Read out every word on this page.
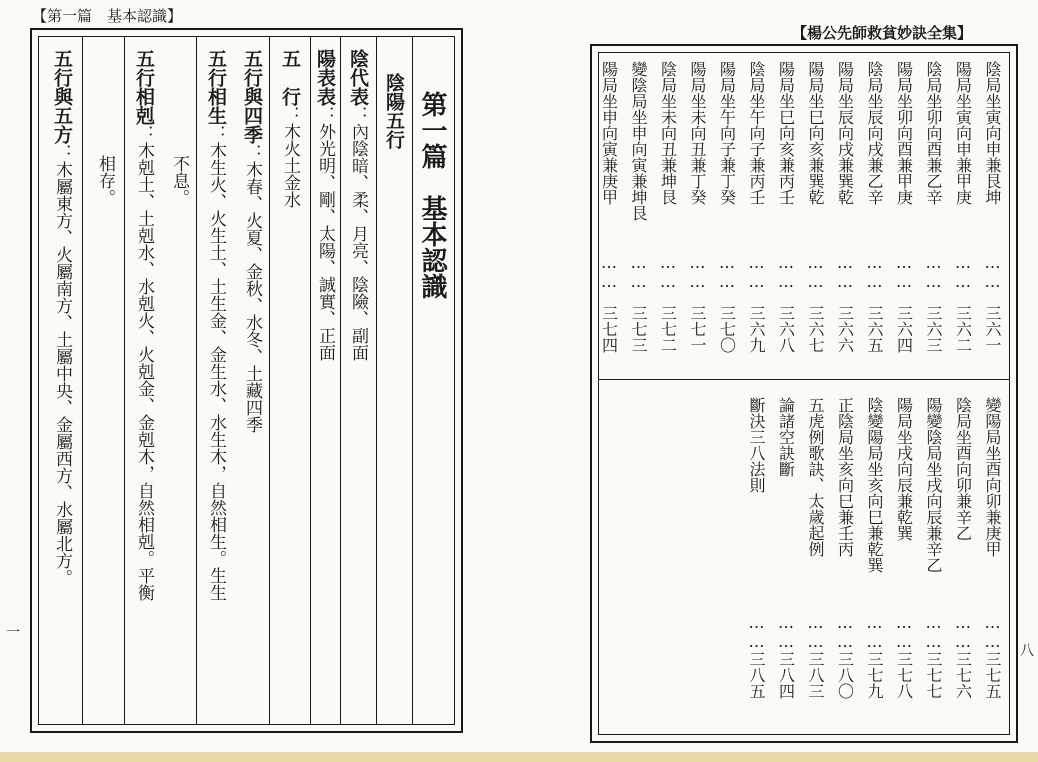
【第一篇　基本認識】
第一篇　基本認識
陰陽五行
陰代表：內陰暗、柔、月亮、陰險、副面
陽表表：外光明、剛、太陽、誠實、正面
五　行：木火土金水
五行與四季：木春、火夏、金秋、水冬、土藏四季
五行相生：木生火、火生土、土生金、金生水、水生木，自然相生。生生
不息。
五行相剋：木剋土、土剋水、水剋火、火剋金、金剋木，自然相剋。平衡
相存。
五行與五方：木屬東方、火屬南方、土屬中央、金屬西方、水屬北方。
一
【楊公先師救貧妙訣全集】
陰局坐寅向申兼艮坤
……
三六一
陽局坐寅向申兼甲庚
……
三六二
陰局坐卯向酉兼乙辛
……
三六三
陽局坐卯向酉兼甲庚
……
三六四
陰局坐辰向戌兼乙辛
……
三六五
陽局坐辰向戌兼巽乾
……
三六六
陽局坐巳向亥兼巽乾
……
三六七
陽局坐巳向亥兼丙壬
……
三六八
陰局坐午向子兼丙壬
……
三六九
陽局坐午向子兼丁癸
……
三七〇
陽局坐未向丑兼丁癸
……
三七一
陰局坐未向丑兼坤艮
……
三七二
變陰局坐申向寅兼坤艮
……
三七三
陽局坐申向寅兼庚甲
……
三七四
變陽局坐酉向卯兼庚甲
……
三七五
陰局坐酉向卯兼辛乙
……
三七六
陽變陰局坐戌向辰兼辛乙
……
三七七
陽局坐戌向辰兼乾巽
……
三七八
陰變陽局坐亥向巳兼乾巽
……
三七九
正陰局坐亥向巳兼壬丙
……
三八〇
五虎例歌訣、太歲起例
……
三八三
論諸空訣斷
……
三八四
斷決三八法則
……
三八五	八
